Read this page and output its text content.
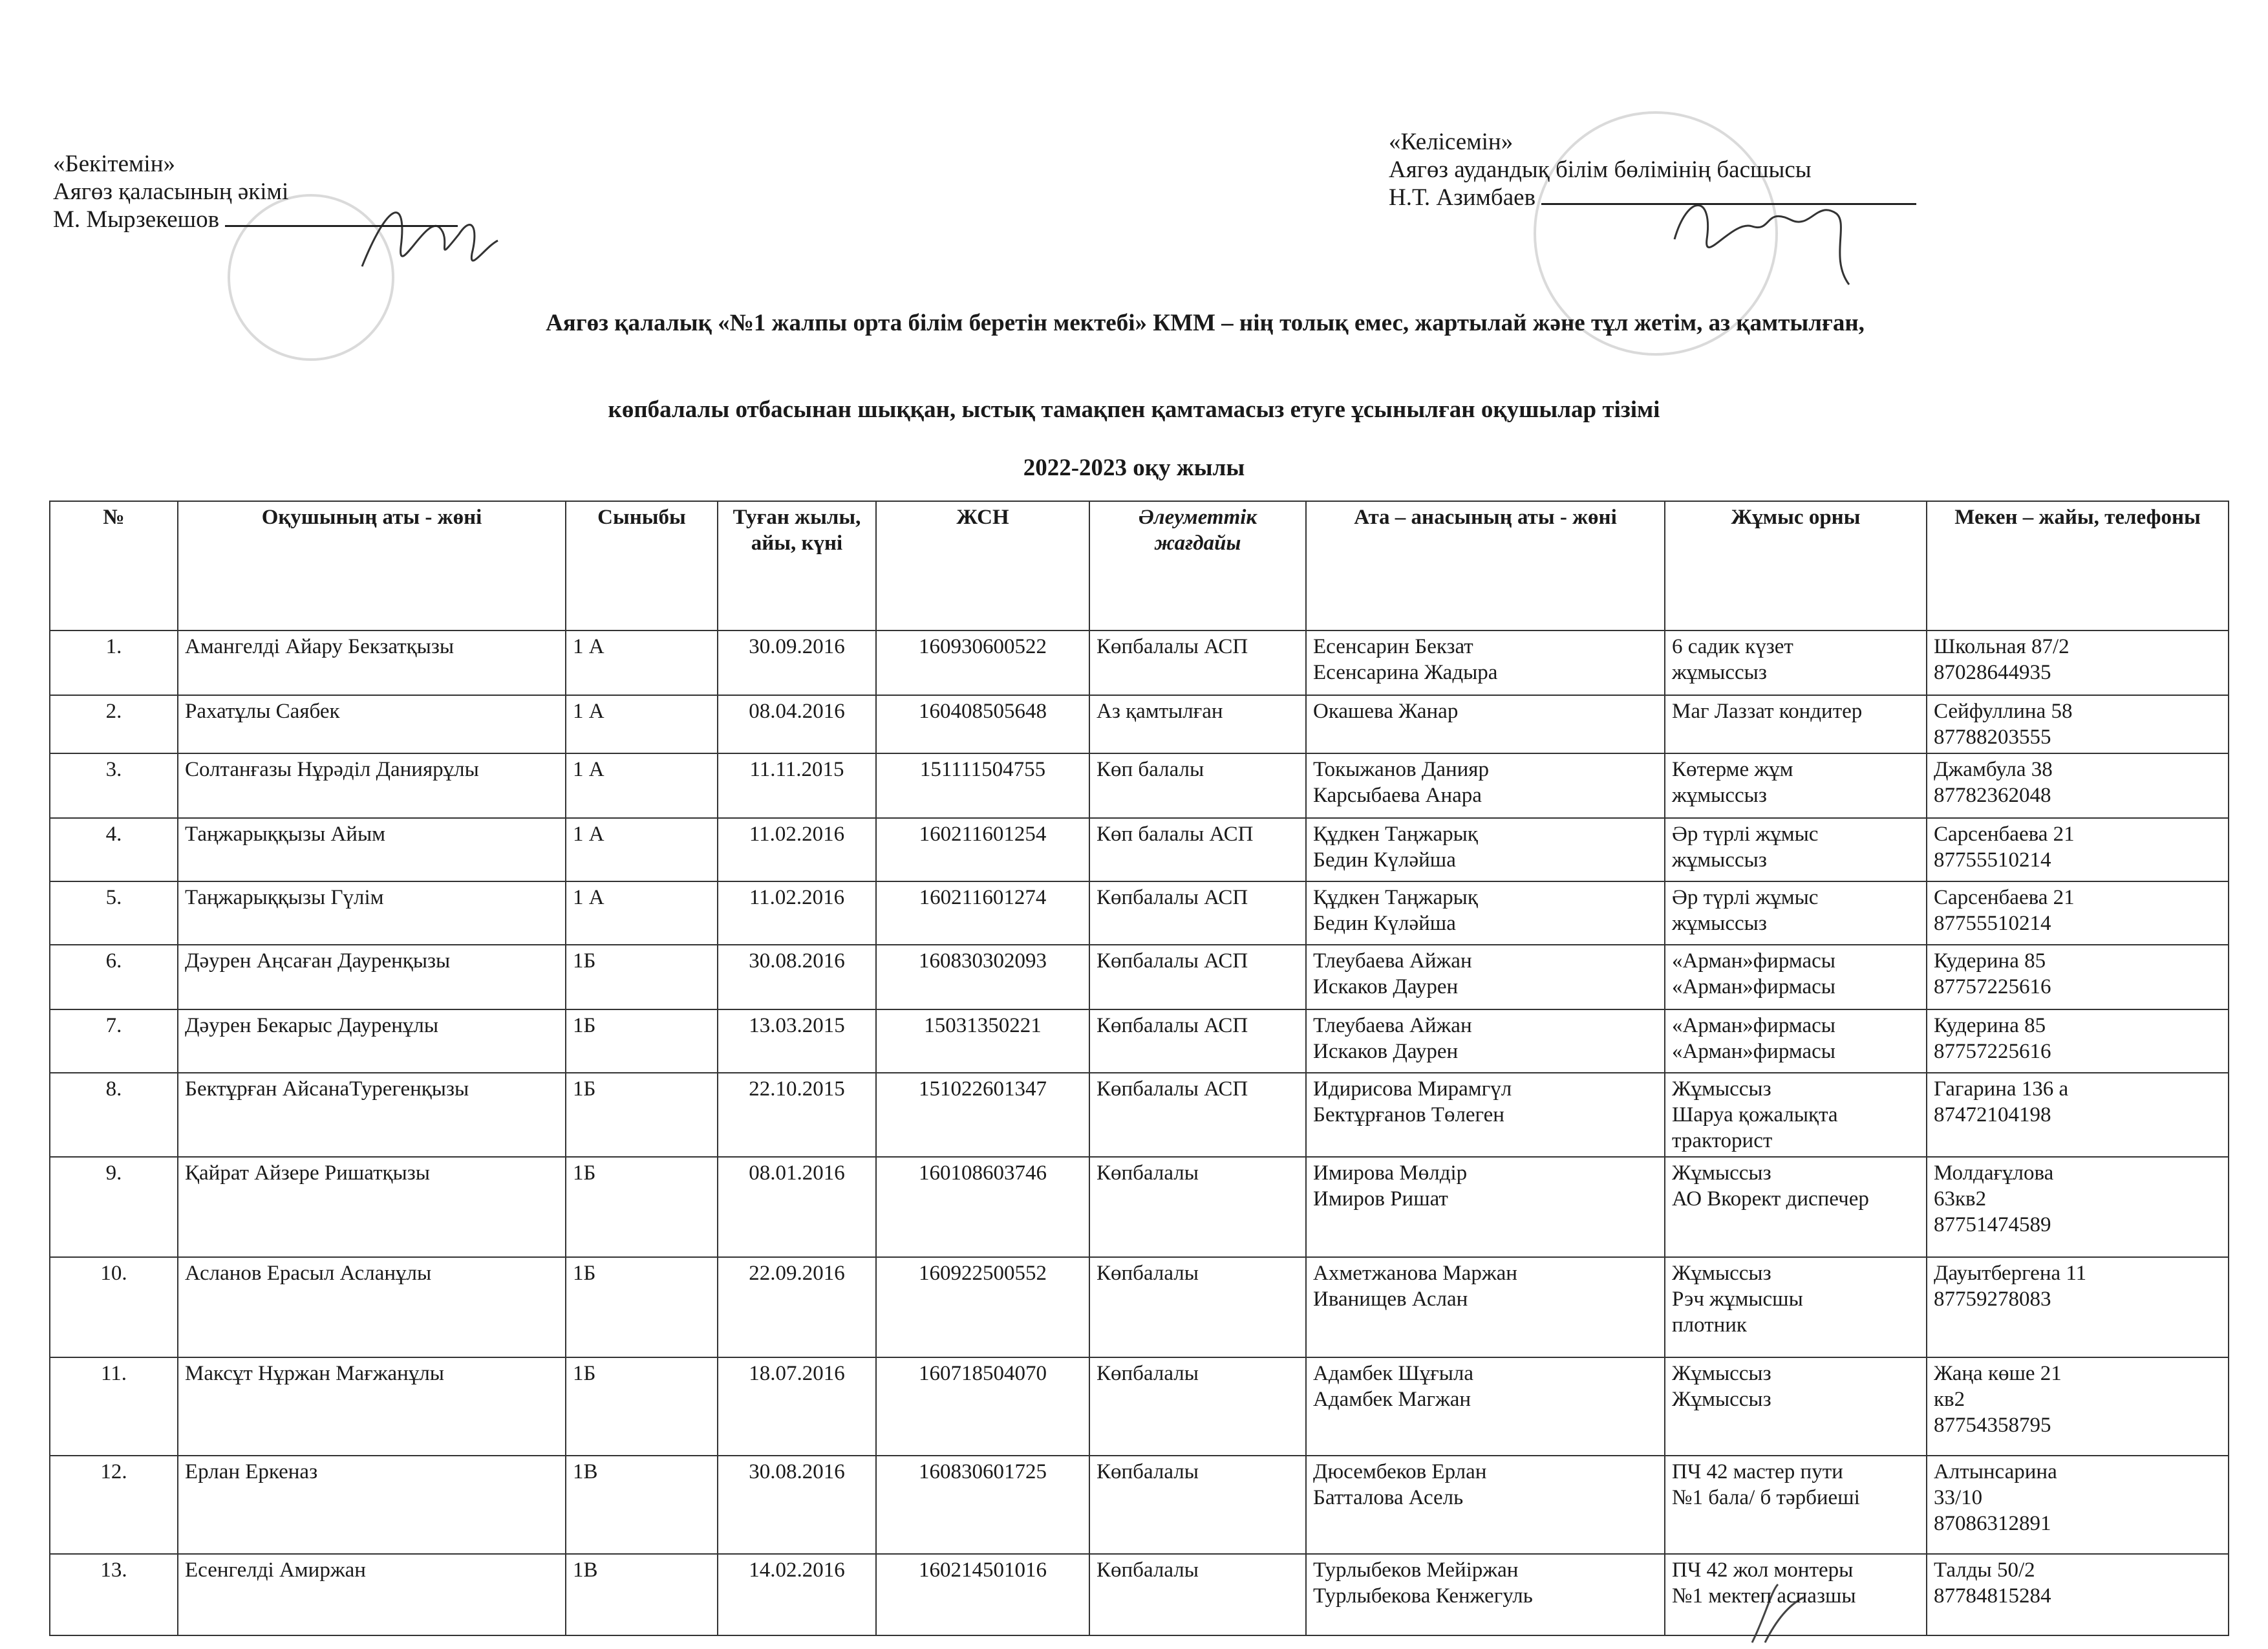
«Бекітемін»
Аягөз қаласының әкімі
М. Мырзекешов
«Келісемін»
Аягөз аудандық білім бөлімінің басшысы
Н.Т. Азимбаев
Аягөз қалалық «№1 жалпы орта білім беретін мектебі» КММ – нің толық емес, жартылай және тұл жетім, аз қамтылған,
көпбалалы отбасынан шыққан, ыстық тамақпен қамтамасыз етуге ұсынылған оқушылар тізімі
2022-2023 оқу жылы
№	Оқушының аты - жөні	Сыныбы	Туған жылы, айы, күні	ЖСН	Әлеуметтік жағдайы	Ата – анасының аты - жөні	Жұмыс орны	Мекен – жайы, телефоны

1.	Амангелді Айару Бекзатқызы	1 А	30.09.2016	160930600522	Көпбалалы АСП	Есенсарин Бекзат
Есенсарина Жадыра	6 садик күзет
жұмыссыз	Школьная 87/2
87028644935

2.	Рахатұлы Саябек	1 А	08.04.2016	160408505648	Аз қамтылған	Окашева Жанар	Маг Лаззат кондитер	Сейфуллина 58
87788203555

3.	Солтанғазы Нұрәділ Даниярұлы	1 А	11.11.2015	151111504755	Көп балалы	Токыжанов Данияр
Карсыбаева Анара	Көтерме жұм
жұмыссыз	Джамбула 38
87782362048

4.	Таңжарыққызы Айым	1 А	11.02.2016	160211601254	Көп балалы АСП	Құдкен Таңжарық
Бедин Күләйша	Әр түрлі жұмыс
жұмыссыз	Сарсенбаева 21
87755510214

5.	Таңжарыққызы Гүлім	1 А	11.02.2016	160211601274	Көпбалалы АСП	Құдкен Таңжарық
Бедин Күләйша	Әр түрлі жұмыс
жұмыссыз	Сарсенбаева 21
87755510214

6.	Дәурен Аңсаған Дауренқызы	1Б	30.08.2016	160830302093	Көпбалалы АСП	Тлеубаева Айжан
Искаков Даурен	«Арман»фирмасы
«Арман»фирмасы	Кудерина 85
87757225616

7.	Дәурен Бекарыс Дауренұлы	1Б	13.03.2015	15031350221	Көпбалалы АСП	Тлеубаева Айжан
Искаков Даурен	«Арман»фирмасы
«Арман»фирмасы	Кудерина 85
87757225616

8.	Бектұрған АйсанаТурегенқызы	1Б	22.10.2015	151022601347	Көпбалалы АСП	Идирисова Мирамгүл
Бектұрғанов Төлеген	Жұмыссыз
Шаруа қожалықта
тракторист	Гагарина 136 а
87472104198

9.	Қайрат Айзере Ришатқызы	1Б	08.01.2016	160108603746	Көпбалалы	Имирова Мөлдір
Имиров Ришат	Жұмыссыз
АО Вкорект диспечер	Молдағұлова
63кв2
87751474589

10.	Асланов Ерасыл Асланұлы	1Б	22.09.2016	160922500552	Көпбалалы	Ахметжанова Маржан
Иванищев Аслан	Жұмыссыз
Рэч жұмысшы
плотник	Дауытбергена 11
87759278083

11.	Максұт Нұржан Мағжанұлы	1Б	18.07.2016	160718504070	Көпбалалы	Адамбек Шұғыла
Адамбек Магжан	Жұмыссыз
Жұмыссыз	Жаңа көше 21
кв2
87754358795

12.	Ерлан Еркеназ	1В	30.08.2016	160830601725	Көпбалалы	Дюсембеков Ерлан
Батталова Асель	ПЧ 42 мастер пути
№1 бала/ б тәрбиеші	Алтынсарина
33/10
87086312891

13.	Есенгелді Амиржан	1В	14.02.2016	160214501016	Көпбалалы	Турлыбеков Мейіржан
Турлыбекова Кенжегуль	ПЧ 42 жол монтеры
№1 мектеп аспазшы	Талды 50/2
87784815284
